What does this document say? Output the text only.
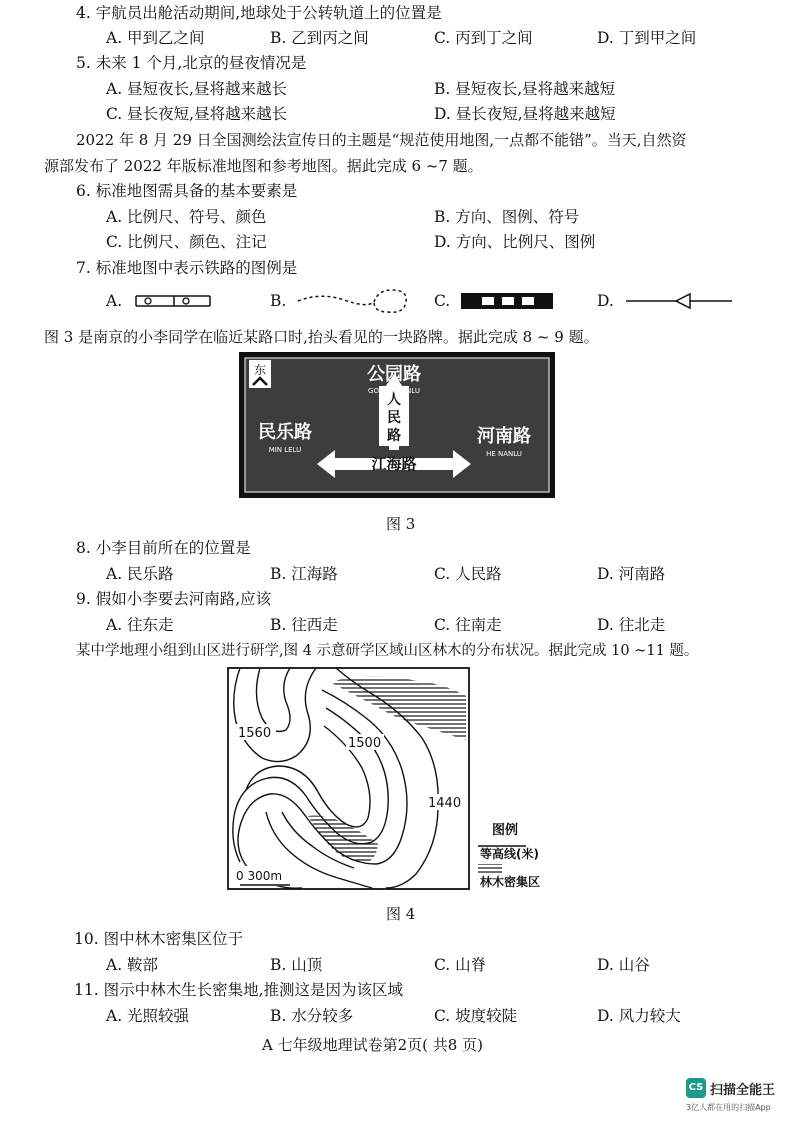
4. 宇航员出舱活动期间,地球处于公转轨道上的位置是
A. 甲到乙之间	B. 乙到丙之间	C. 丙到丁之间	D. 丁到甲之间
5. 未来 1 个月,北京的昼夜情况是
A. 昼短夜长,昼将越来越长	B. 昼短夜长,昼将越来越短
C. 昼长夜短,昼将越来越长	D. 昼长夜短,昼将越来越短
2022 年 8 月 29 日全国测绘法宣传日的主题是“规范使用地图,一点都不能错”。当天,自然资
源部发布了 2022 年版标准地图和参考地图。据此完成 6 ~7 题。
6. 标准地图需具备的基本要素是
A. 比例尺、符号、颜色	B. 方向、图例、符号
C. 比例尺、颜色、注记	D. 方向、比例尺、图例
7. 标准地图中表示铁路的图例是
A.	B.	C.	D.
图 3 是南京的小李同学在临近某路口时,抬头看见的一块路牌。据此完成 8 ~ 9 题。
东
人
民
路
江海路
公园路
GONG YUANLU
民乐路
MIN LELU
河南路
HE NANLU
图 3
8. 小李目前所在的位置是
A. 民乐路	B. 江海路	C. 人民路	D. 河南路
9. 假如小李要去河南路,应该
A. 往东走	B. 往西走	C. 往南走	D. 往北走
某中学地理小组到山区进行研学,图 4 示意研学区域山区林木的分布状况。据此完成 10 ~11 题。
1560
1500
1440
0 300m
图例
等高线(米)
林木密集区
图 4
10. 图中林木密集区位于
A. 鞍部	B. 山顶	C. 山脊	D. 山谷
11. 图示中林木生长密集地,推测这是因为该区域
A. 光照较强	B. 水分较多	C. 坡度较陡	D. 风力较大
A 七年级地理试卷第2页( 共8 页)
CS 扫描全能王
3亿人都在用的扫描App
